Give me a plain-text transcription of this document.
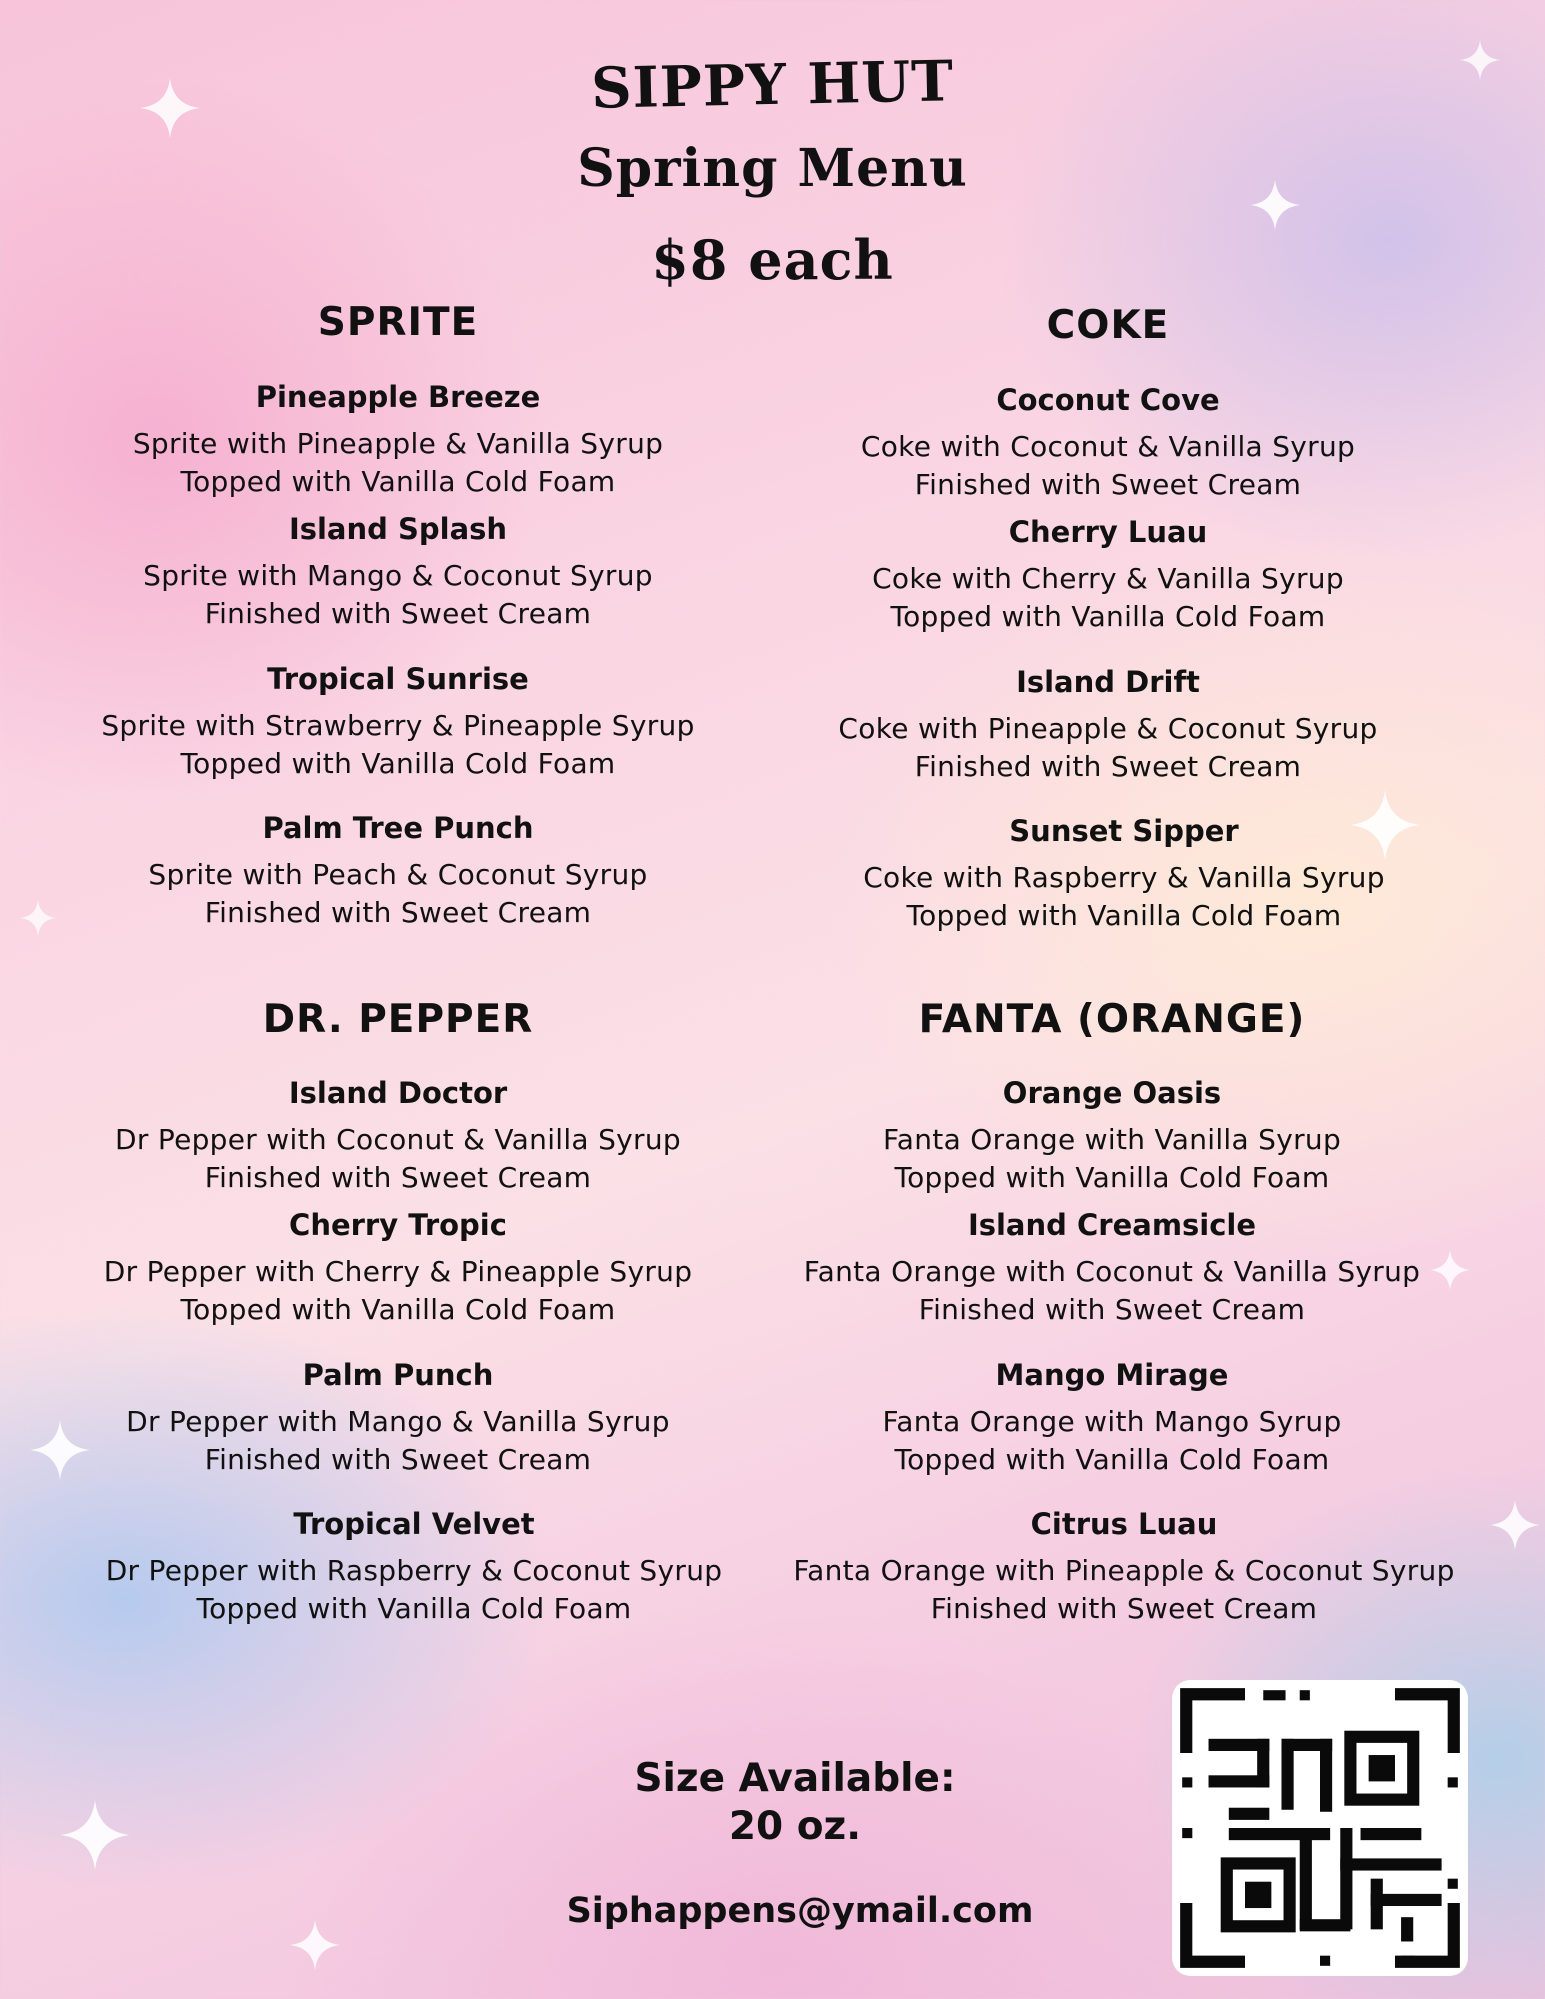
SIPPY HUT
Spring Menu
$8 each
SPRITE
Pineapple Breeze
Sprite with Pineapple & Vanilla Syrup
Topped with Vanilla Cold Foam
Island Splash
Sprite with Mango & Coconut Syrup
Finished with Sweet Cream
Tropical Sunrise
Sprite with Strawberry & Pineapple Syrup
Topped with Vanilla Cold Foam
Palm Tree Punch
Sprite with Peach & Coconut Syrup
Finished with Sweet Cream
COKE
Coconut Cove
Coke with Coconut & Vanilla Syrup
Finished with Sweet Cream
Cherry Luau
Coke with Cherry & Vanilla Syrup
Topped with Vanilla Cold Foam
Island Drift
Coke with Pineapple & Coconut Syrup
Finished with Sweet Cream
Sunset Sipper
Coke with Raspberry & Vanilla Syrup
Topped with Vanilla Cold Foam
DR. PEPPER
Island Doctor
Dr Pepper with Coconut & Vanilla Syrup
Finished with Sweet Cream
Cherry Tropic
Dr Pepper with Cherry & Pineapple Syrup
Topped with Vanilla Cold Foam
Palm Punch
Dr Pepper with Mango & Vanilla Syrup
Finished with Sweet Cream
Tropical Velvet
Dr Pepper with Raspberry & Coconut Syrup
Topped with Vanilla Cold Foam
FANTA (ORANGE)
Orange Oasis
Fanta Orange with Vanilla Syrup
Topped with Vanilla Cold Foam
Island Creamsicle
Fanta Orange with Coconut & Vanilla Syrup
Finished with Sweet Cream
Mango Mirage
Fanta Orange with Mango Syrup
Topped with Vanilla Cold Foam
Citrus Luau
Fanta Orange with Pineapple & Coconut Syrup
Finished with Sweet Cream
Size Available:
20 oz.
Siphappens@ymail.com
